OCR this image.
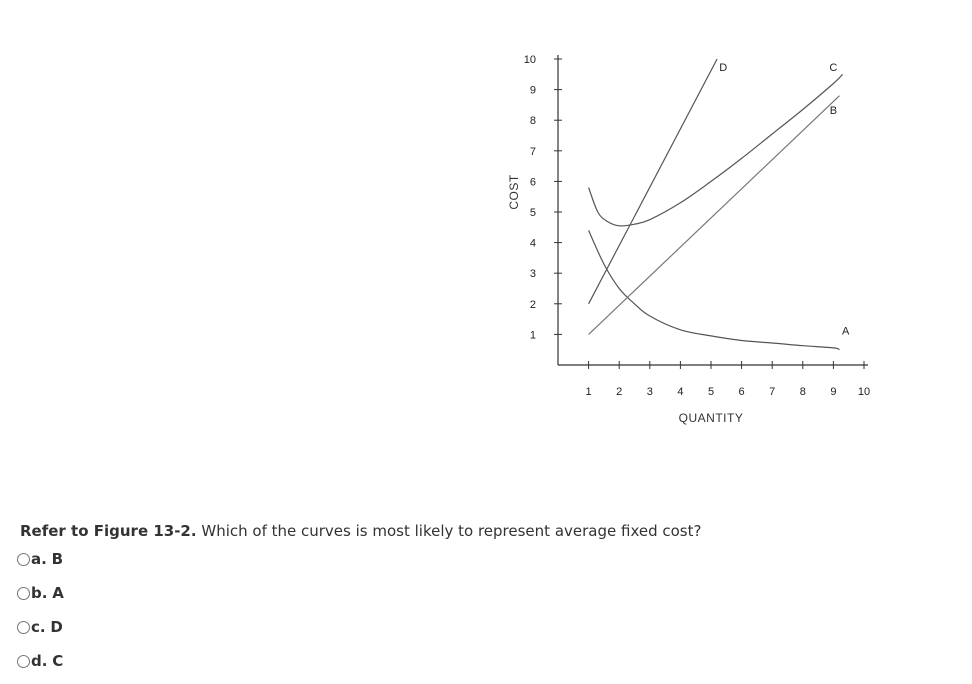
1
2
3
4
5
6
7
8
9
10
1 2 3 4 5 6 7 8 9 10
D	C
B
A
QUANTITY
COST
Refer to Figure 13-2. Which of the curves is most likely to represent average fixed cost?
a.
B
b.
A
c.
D
d.
C
